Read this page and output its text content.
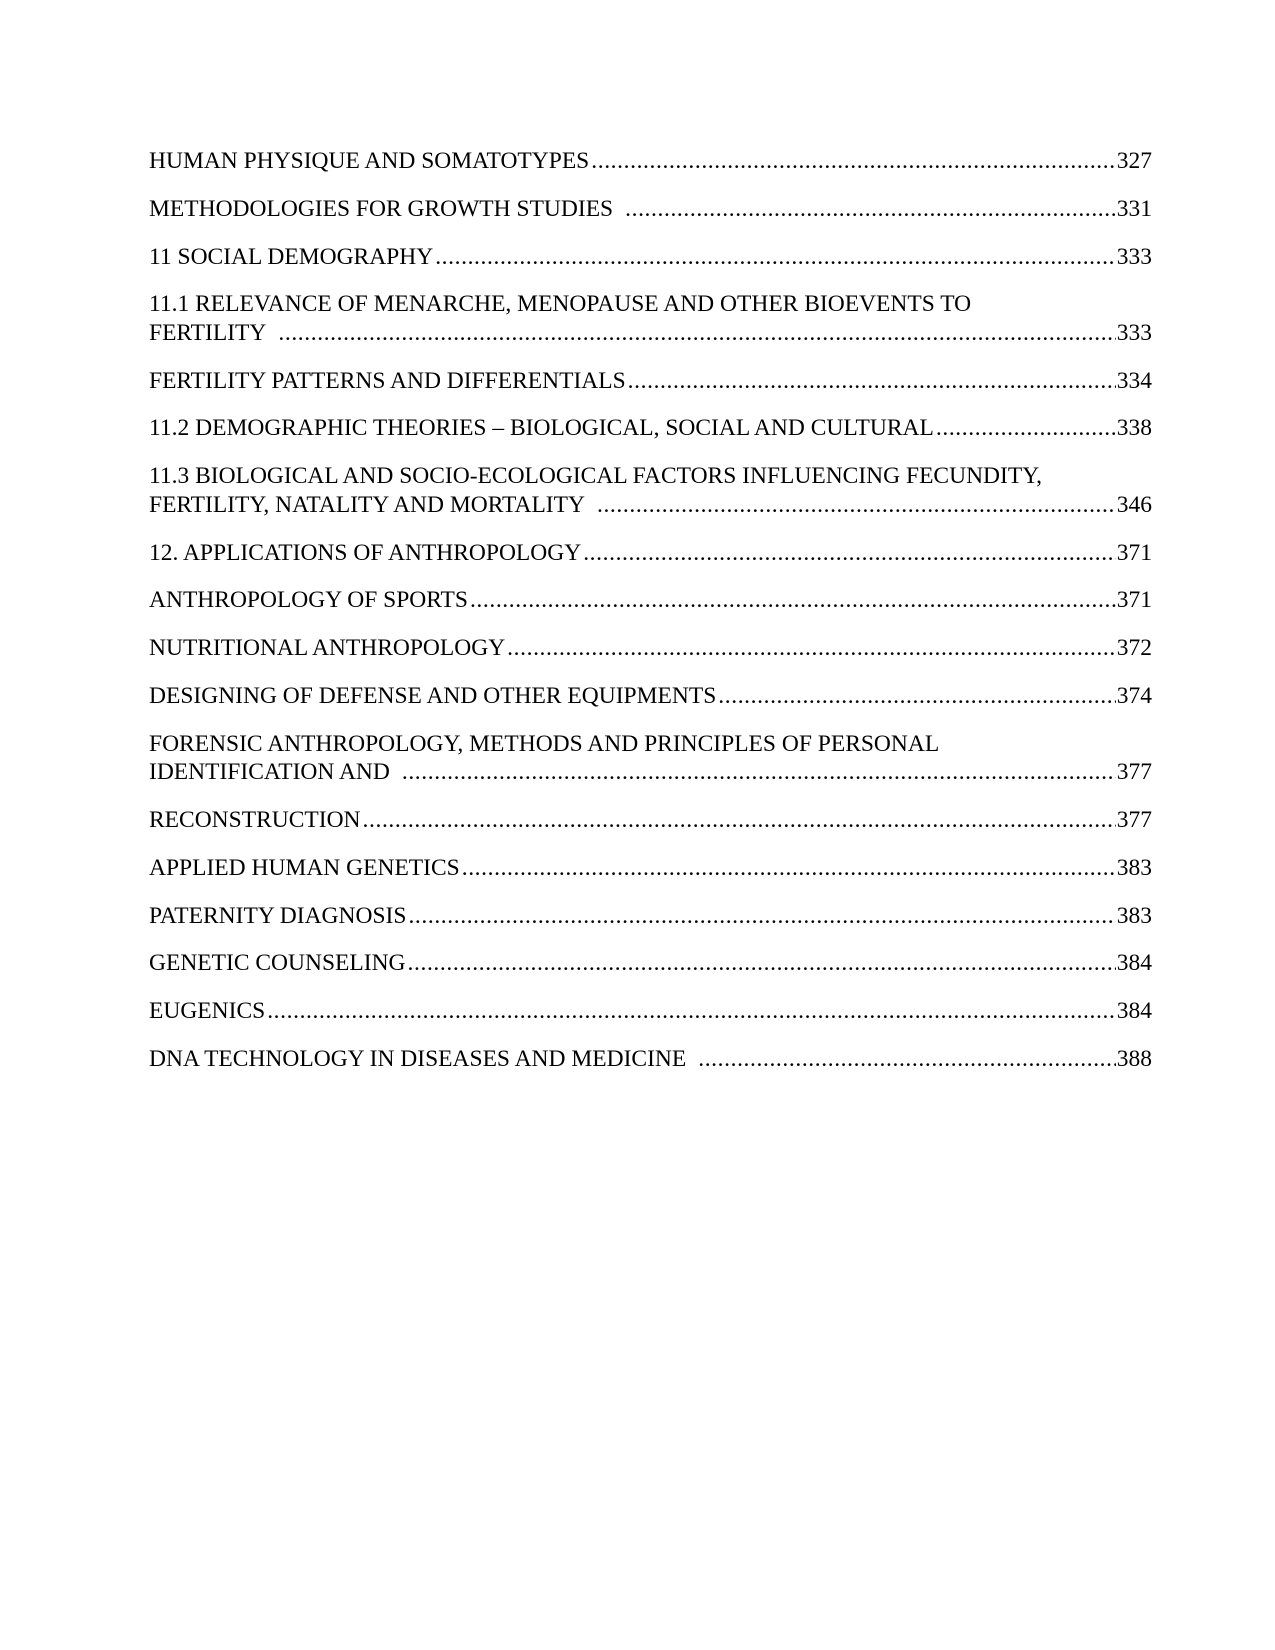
HUMAN PHYSIQUE AND SOMATOTYPES .....	327
METHODOLOGIES FOR GROWTH STUDIES .....	331
11 SOCIAL DEMOGRAPHY .....	333
11.1 RELEVANCE OF MENARCHE, MENOPAUSE AND OTHER BIOEVENTS TO
FERTILITY .....	333
FERTILITY PATTERNS AND DIFFERENTIALS .....	334
11.2 DEMOGRAPHIC THEORIES – BIOLOGICAL, SOCIAL AND CULTURAL .....	338
11.3 BIOLOGICAL AND SOCIO-ECOLOGICAL FACTORS INFLUENCING FECUNDITY,
FERTILITY, NATALITY AND MORTALITY .....	346
12. APPLICATIONS OF ANTHROPOLOGY .....	371
ANTHROPOLOGY OF SPORTS .....	371
NUTRITIONAL ANTHROPOLOGY .....	372
DESIGNING OF DEFENSE AND OTHER EQUIPMENTS .....	374
FORENSIC ANTHROPOLOGY, METHODS AND PRINCIPLES OF PERSONAL
IDENTIFICATION AND .....	377
RECONSTRUCTION .....	377
APPLIED HUMAN GENETICS .....	383
PATERNITY DIAGNOSIS .....	383
GENETIC COUNSELING .....	384
EUGENICS .....	384
DNA TECHNOLOGY IN DISEASES AND MEDICINE .....	388
